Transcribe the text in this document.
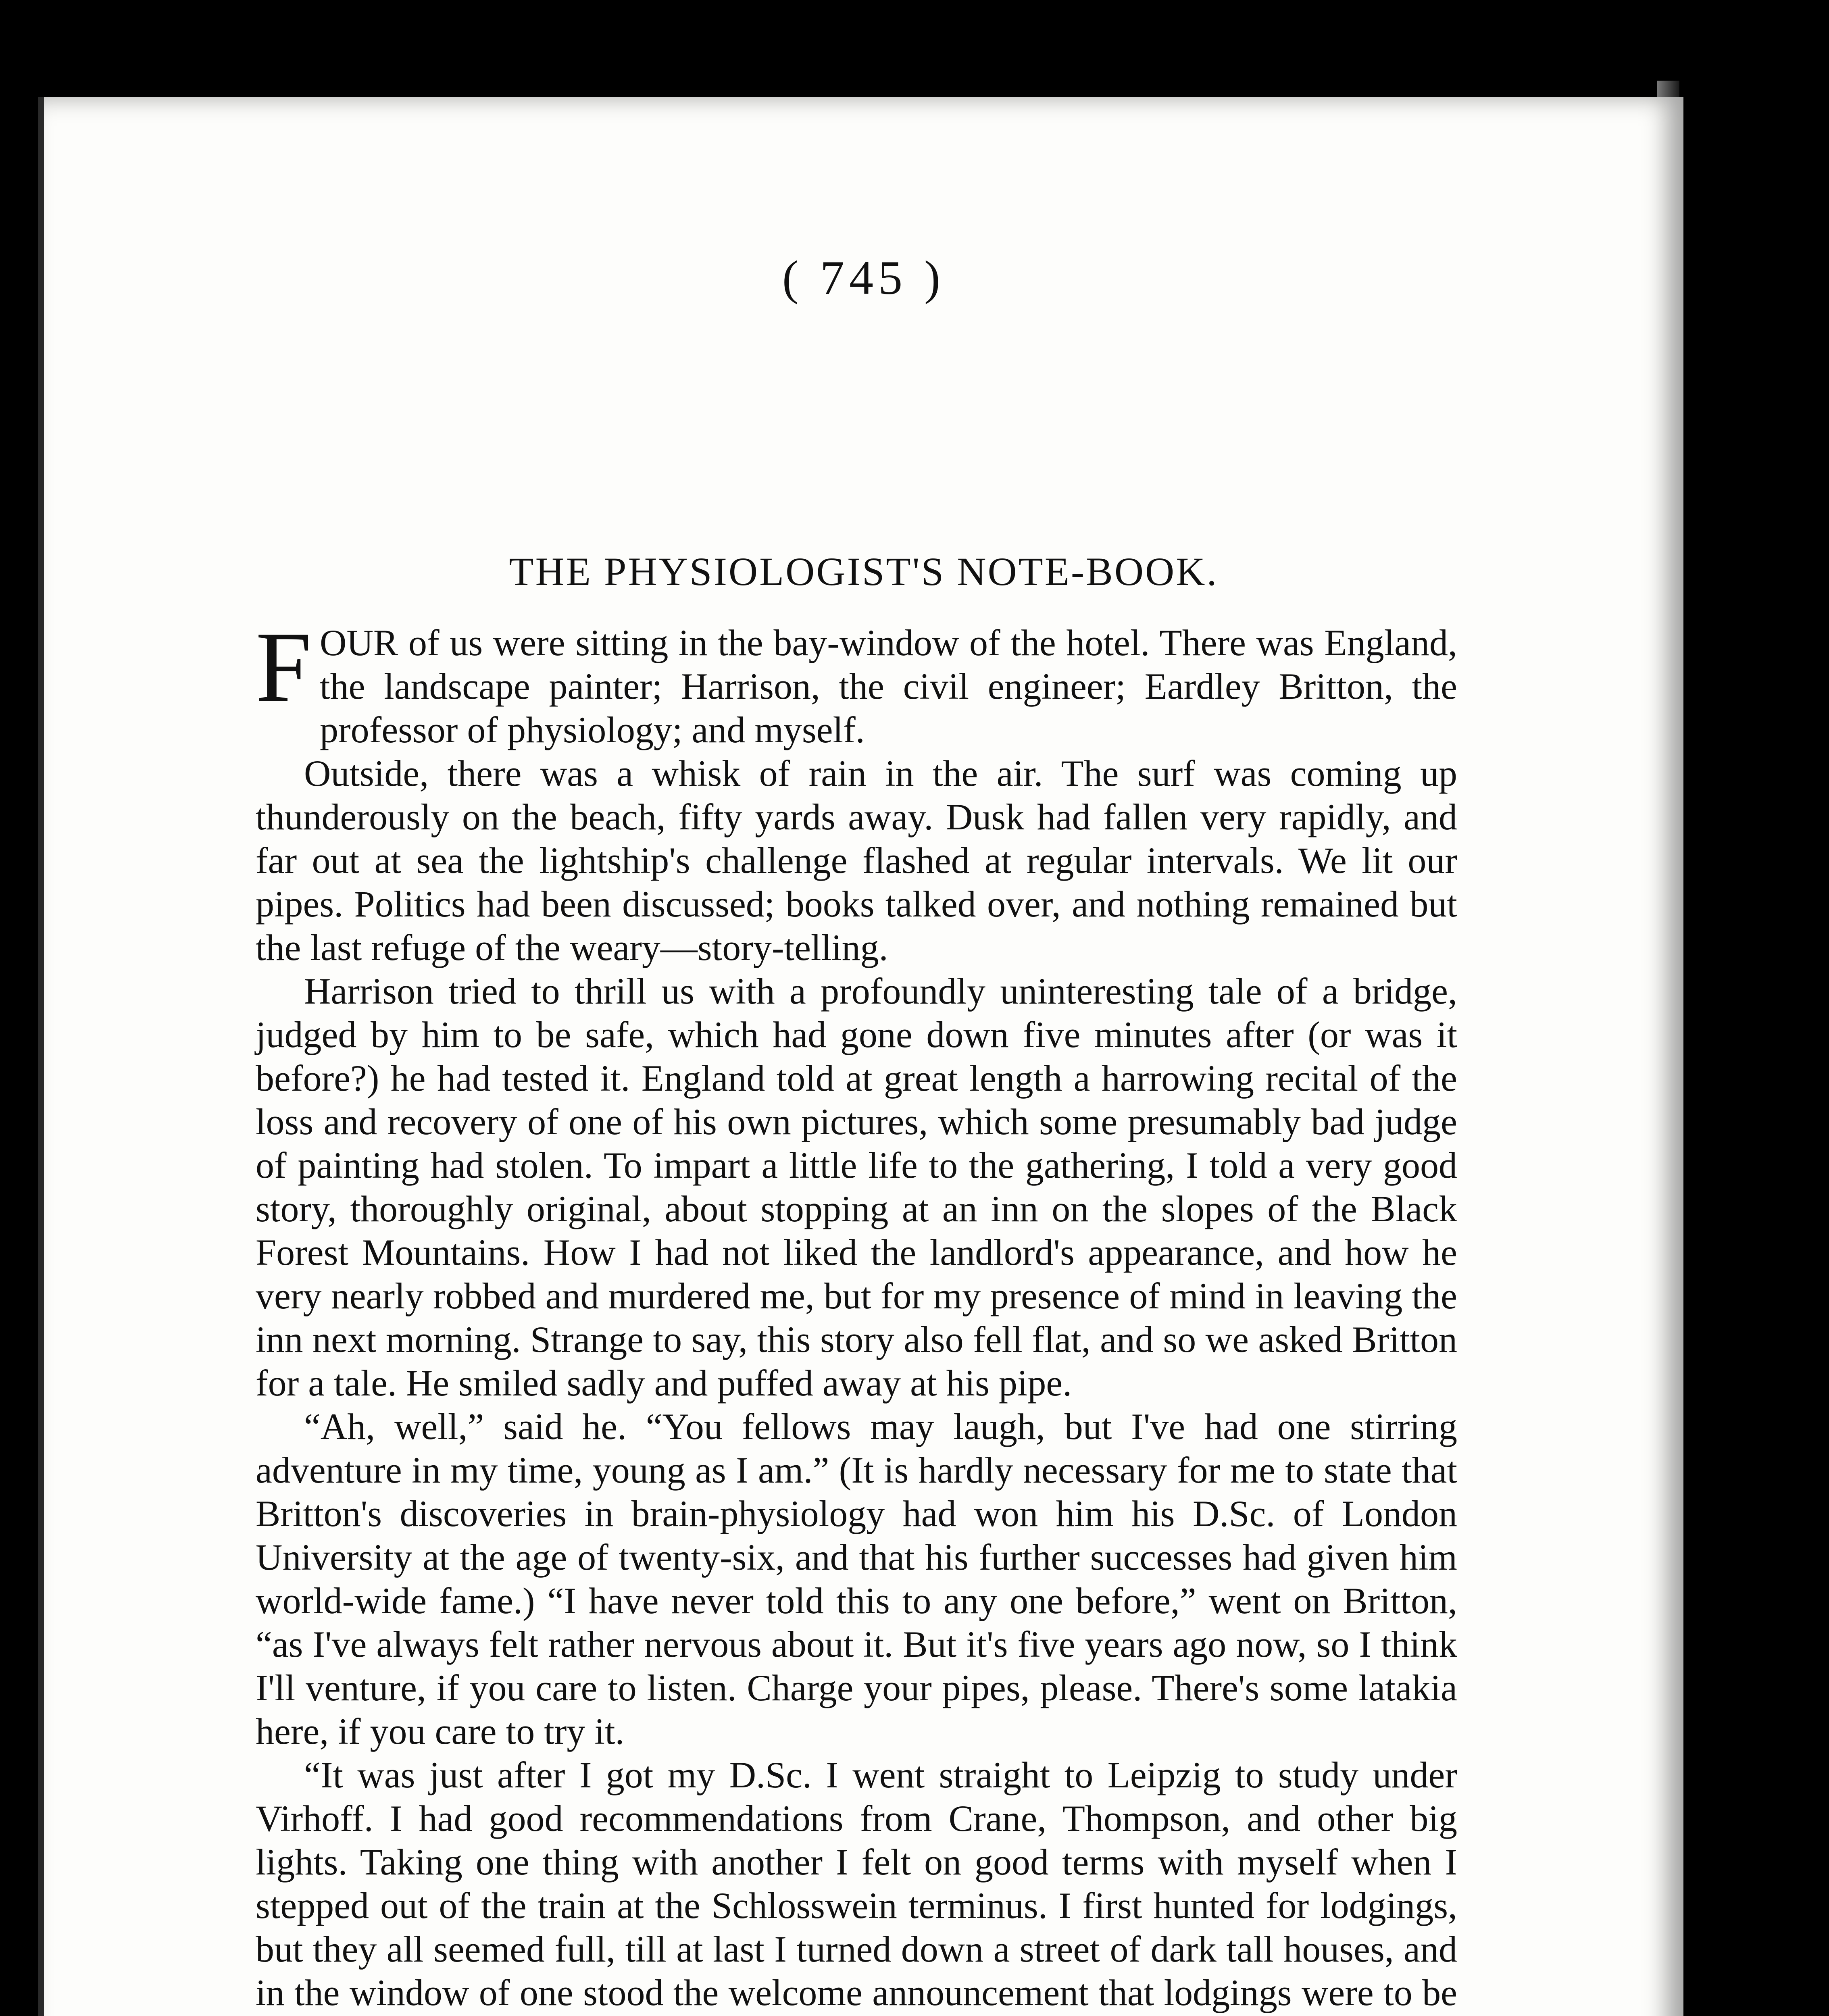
( 745 )
THE PHYSIOLOGIST'S NOTE-BOOK.

FOUR of us were sitting in the bay-window of the hotel. There was England, the landscape painter; Harrison, the civil engineer; Eardley Britton, the professor of physiology; and myself.

Outside, there was a whisk of rain in the air. The surf was coming up thunderously on the beach, fifty yards away. Dusk had fallen very rapidly, and far out at sea the lightship's challenge flashed at regular intervals. We lit our pipes. Politics had been discussed; books talked over, and nothing remained but the last refuge of the weary—story-telling.

Harrison tried to thrill us with a profoundly uninteresting tale of a bridge, judged by him to be safe, which had gone down five minutes after (or was it before?) he had tested it. England told at great length a harrowing recital of the loss and recovery of one of his own pictures, which some presumably bad judge of painting had stolen. To impart a little life to the gathering, I told a very good story, thoroughly original, about stopping at an inn on the slopes of the Black Forest Mountains. How I had not liked the landlord's appearance, and how he very nearly robbed and murdered me, but for my presence of mind in leaving the inn next morning. Strange to say, this story also fell flat, and so we asked Britton for a tale. He smiled sadly and puffed away at his pipe.

“Ah, well,” said he. “You fellows may laugh, but I've had one stirring adventure in my time, young as I am.” (It is hardly necessary for me to state that Britton's discoveries in brain-physiology had won him his D.Sc. of London University at the age of twenty-six, and that his further successes had given him world-wide fame.) “I have never told this to any one before,” went on Britton, “as I've always felt rather nervous about it. But it's five years ago now, so I think I'll venture, if you care to listen. Charge your pipes, please. There's some latakia here, if you care to try it.

“It was just after I got my D.Sc. I went straight to Leipzig to study under Virhoff. I had good recommendations from Crane, Thompson, and other big lights. Taking one thing with another I felt on good terms with myself when I stepped out of the train at the Schlosswein terminus. I first hunted for lodgings, but they all seemed full, till at last I turned down a street of dark tall houses, and in the window of one stood the welcome announcement that lodgings were to be
